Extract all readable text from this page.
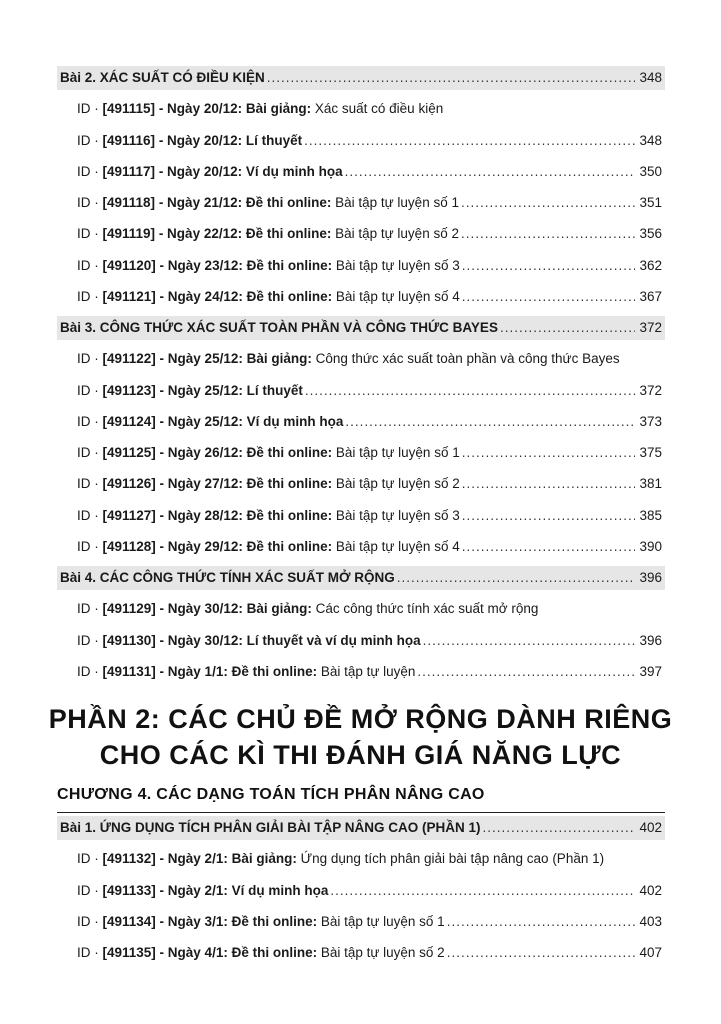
Bài 2. XÁC SUẤT CÓ ĐIỀU KIỆN .....	348
ID · [491115] - Ngày 20/12: Bài giảng: Xác suất có điều kiện
ID · [491116] - Ngày 20/12: Lí thuyết .....	348
ID · [491117] - Ngày 20/12: Ví dụ minh họa .....	350
ID · [491118] - Ngày 21/12: Đề thi online: Bài tập tự luyện số 1 .....	351
ID · [491119] - Ngày 22/12: Đề thi online: Bài tập tự luyện số 2 .....	356
ID · [491120] - Ngày 23/12: Đề thi online: Bài tập tự luyện số 3 .....	362
ID · [491121] - Ngày 24/12: Đề thi online: Bài tập tự luyện số 4 .....	367
Bài 3. CÔNG THỨC XÁC SUẤT TOÀN PHẦN VÀ CÔNG THỨC BAYES .....	372
ID · [491122] - Ngày 25/12: Bài giảng: Công thức xác suất toàn phần và công thức Bayes
ID · [491123] - Ngày 25/12: Lí thuyết .....	372
ID · [491124] - Ngày 25/12: Ví dụ minh họa .....	373
ID · [491125] - Ngày 26/12: Đề thi online: Bài tập tự luyện số 1 .....	375
ID · [491126] - Ngày 27/12: Đề thi online: Bài tập tự luyện số 2 .....	381
ID · [491127] - Ngày 28/12: Đề thi online: Bài tập tự luyện số 3 .....	385
ID · [491128] - Ngày 29/12: Đề thi online: Bài tập tự luyện số 4 .....	390
Bài 4. CÁC CÔNG THỨC TÍNH XÁC SUẤT MỞ RỘNG .....	396
ID · [491129] - Ngày 30/12: Bài giảng: Các công thức tính xác suất mở rộng
ID · [491130] - Ngày 30/12: Lí thuyết và ví dụ minh họa .....	396
ID · [491131] - Ngày 1/1: Đề thi online: Bài tập tự luyện .....	397
PHẦN 2: CÁC CHỦ ĐỀ MỞ RỘNG DÀNH RIÊNG
CHO CÁC KÌ THI ĐÁNH GIÁ NĂNG LỰC
CHƯƠNG 4. CÁC DẠNG TOÁN TÍCH PHÂN NÂNG CAO
Bài 1. ỨNG DỤNG TÍCH PHÂN GIẢI BÀI TẬP NÂNG CAO (PHẦN 1) .....	402
ID · [491132] - Ngày 2/1: Bài giảng: Ứng dụng tích phân giải bài tập nâng cao (Phần 1)
ID · [491133] - Ngày 2/1: Ví dụ minh họa .....	402
ID · [491134] - Ngày 3/1: Đề thi online: Bài tập tự luyện số 1 .....	403
ID · [491135] - Ngày 4/1: Đề thi online: Bài tập tự luyện số 2 .....	407
